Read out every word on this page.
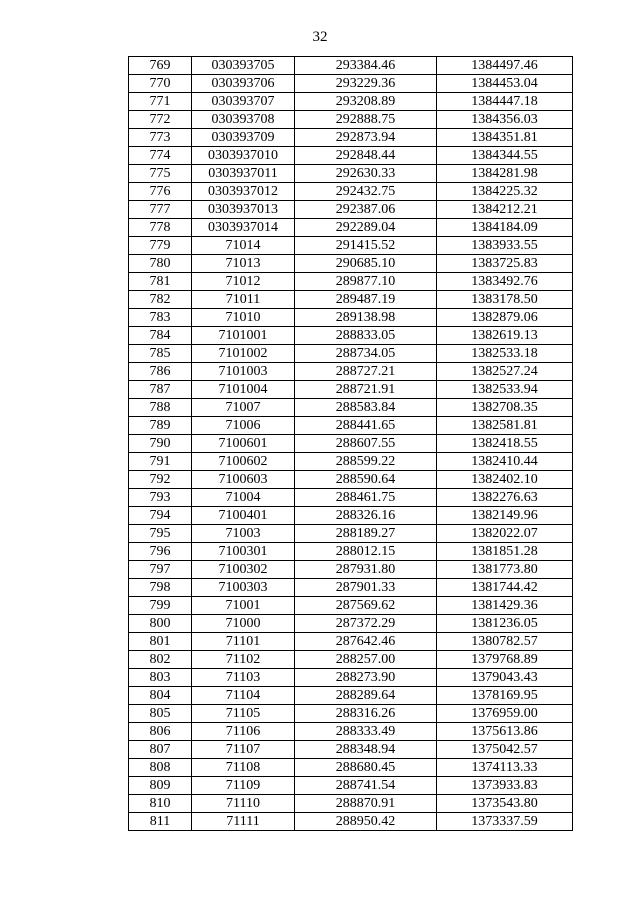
32
769	030393705	293384.46	1384497.46
770	030393706	293229.36	1384453.04
771	030393707	293208.89	1384447.18
772	030393708	292888.75	1384356.03
773	030393709	292873.94	1384351.81
774	0303937010	292848.44	1384344.55
775	0303937011	292630.33	1384281.98
776	0303937012	292432.75	1384225.32
777	0303937013	292387.06	1384212.21
778	0303937014	292289.04	1384184.09
779	71014	291415.52	1383933.55
780	71013	290685.10	1383725.83
781	71012	289877.10	1383492.76
782	71011	289487.19	1383178.50
783	71010	289138.98	1382879.06
784	7101001	288833.05	1382619.13
785	7101002	288734.05	1382533.18
786	7101003	288727.21	1382527.24
787	7101004	288721.91	1382533.94
788	71007	288583.84	1382708.35
789	71006	288441.65	1382581.81
790	7100601	288607.55	1382418.55
791	7100602	288599.22	1382410.44
792	7100603	288590.64	1382402.10
793	71004	288461.75	1382276.63
794	7100401	288326.16	1382149.96
795	71003	288189.27	1382022.07
796	7100301	288012.15	1381851.28
797	7100302	287931.80	1381773.80
798	7100303	287901.33	1381744.42
799	71001	287569.62	1381429.36
800	71000	287372.29	1381236.05
801	71101	287642.46	1380782.57
802	71102	288257.00	1379768.89
803	71103	288273.90	1379043.43
804	71104	288289.64	1378169.95
805	71105	288316.26	1376959.00
806	71106	288333.49	1375613.86
807	71107	288348.94	1375042.57
808	71108	288680.45	1374113.33
809	71109	288741.54	1373933.83
810	71110	288870.91	1373543.80
811	71111	288950.42	1373337.59
